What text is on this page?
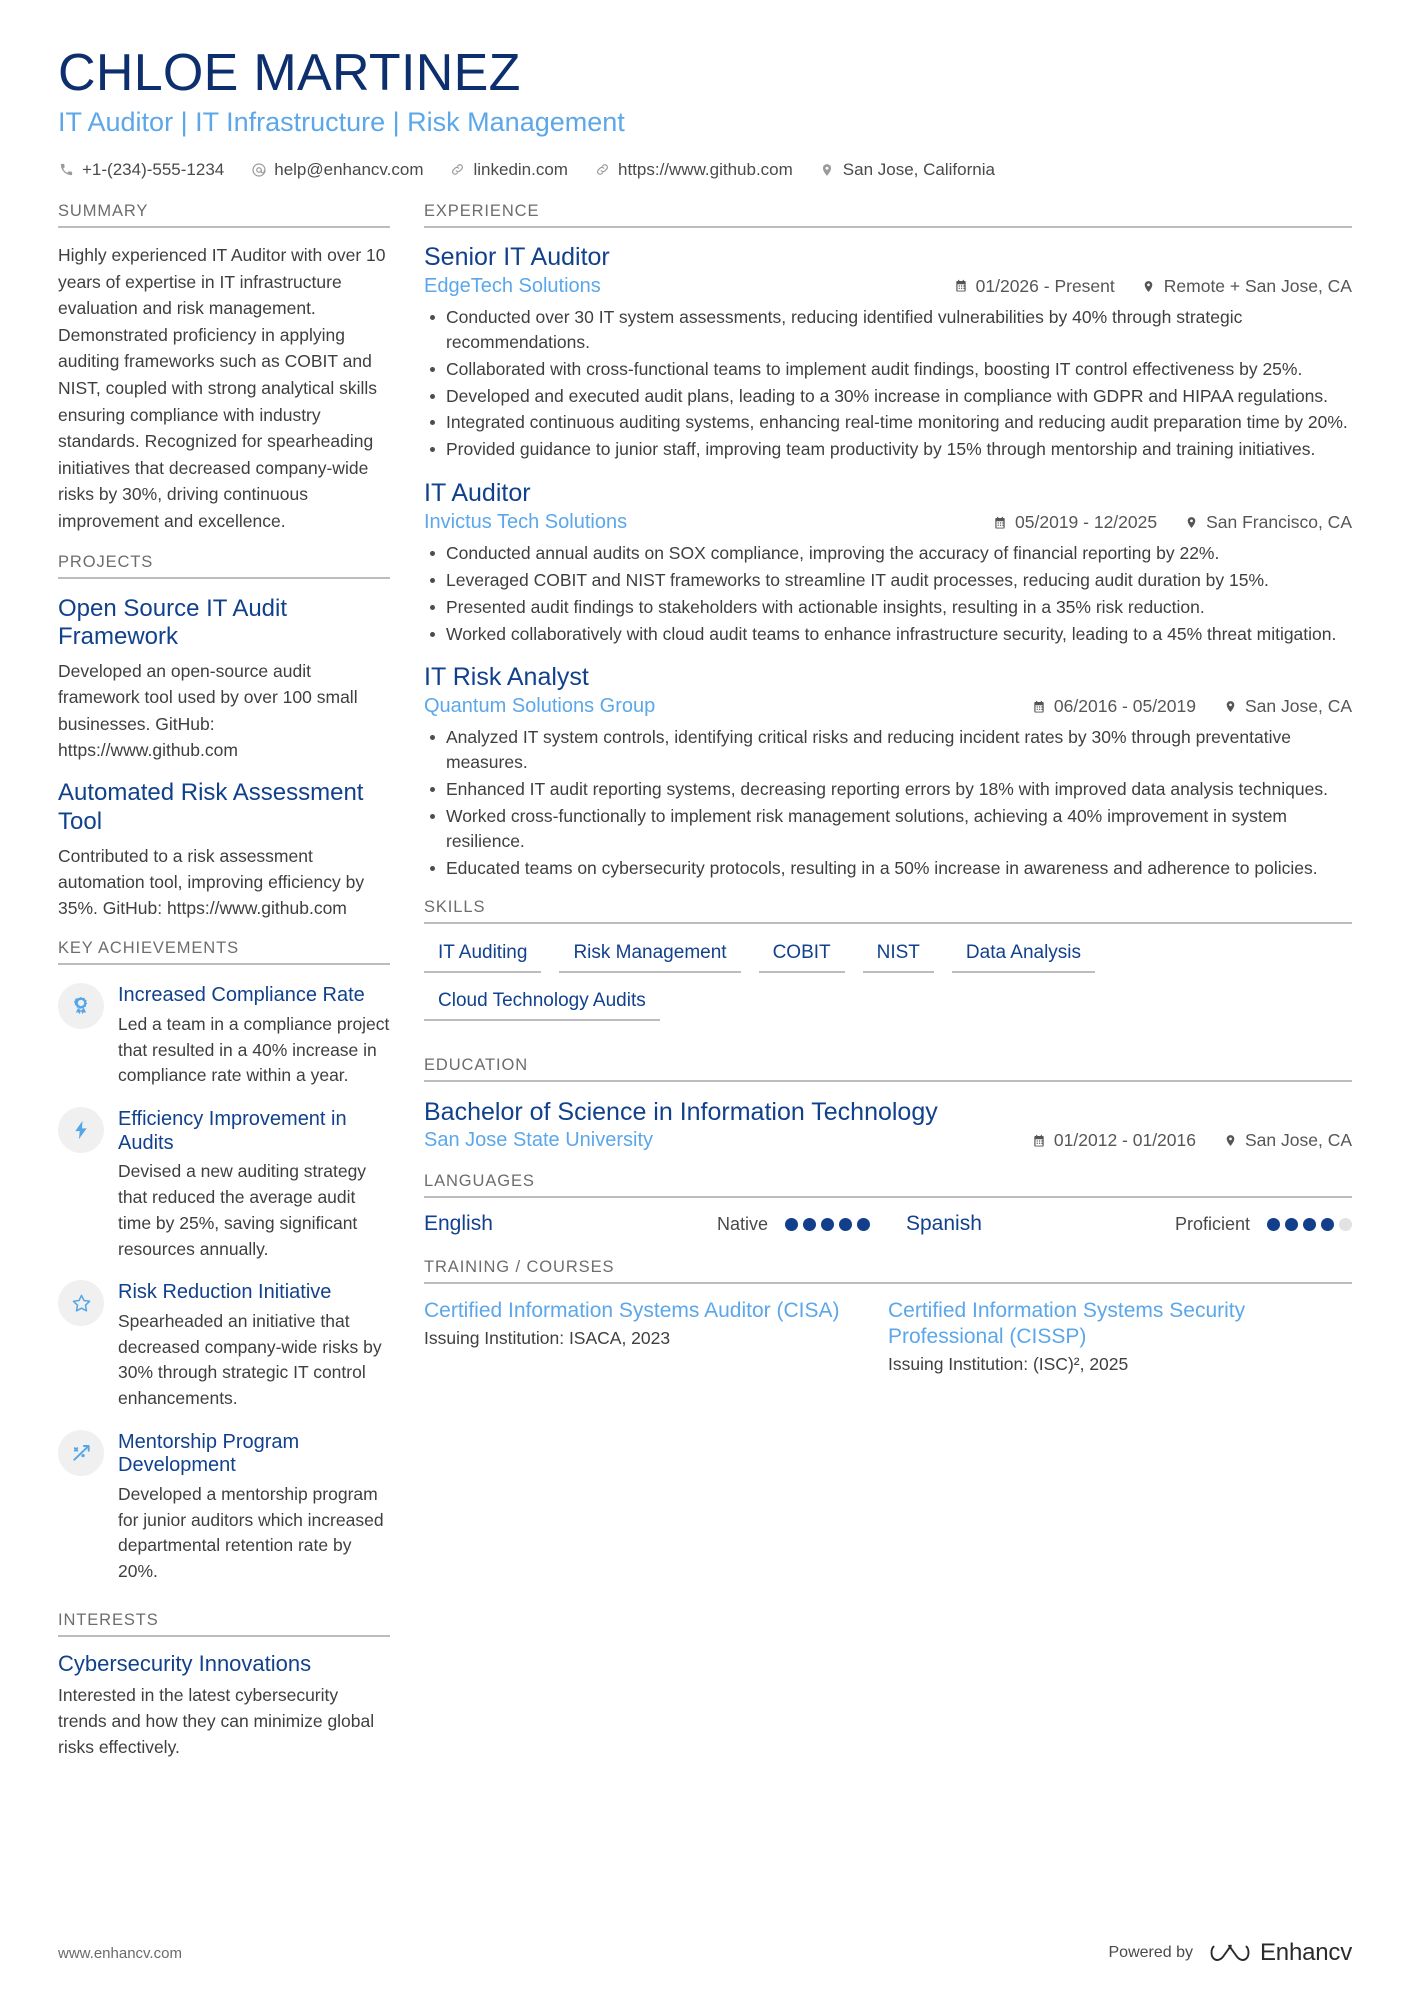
CHLOE MARTINEZ
IT Auditor | IT Infrastructure | Risk Management
+1-(234)-555-1234	help@enhancv.com	linkedin.com	https://www.github.com	San Jose, California
SUMMARY
Highly experienced IT Auditor with over 10 years of expertise in IT infrastructure evaluation and risk management. Demonstrated proficiency in applying auditing frameworks such as COBIT and NIST, coupled with strong analytical skills ensuring compliance with industry standards. Recognized for spearheading initiatives that decreased company-wide risks by 30%, driving continuous improvement and excellence.
PROJECTS
Open Source IT Audit Framework
Developed an open-source audit framework tool used by over 100 small businesses. GitHub: https://www.github.com
Automated Risk Assessment Tool
Contributed to a risk assessment automation tool, improving efficiency by 35%. GitHub: https://www.github.com
KEY ACHIEVEMENTS
Increased Compliance Rate
Led a team in a compliance project that resulted in a 40% increase in compliance rate within a year.
Efficiency Improvement in Audits
Devised a new auditing strategy that reduced the average audit time by 25%, saving significant resources annually.
Risk Reduction Initiative
Spearheaded an initiative that decreased company-wide risks by 30% through strategic IT control enhancements.
Mentorship Program Development
Developed a mentorship program for junior auditors which increased departmental retention rate by 20%.
INTERESTS
Cybersecurity Innovations
Interested in the latest cybersecurity trends and how they can minimize global risks effectively.
EXPERIENCE
Senior IT Auditor
EdgeTech Solutions	01/2026 - Present	Remote + San Jose, CA
Conducted over 30 IT system assessments, reducing identified vulnerabilities by 40% through strategic recommendations.
Collaborated with cross-functional teams to implement audit findings, boosting IT control effectiveness by 25%.
Developed and executed audit plans, leading to a 30% increase in compliance with GDPR and HIPAA regulations.
Integrated continuous auditing systems, enhancing real-time monitoring and reducing audit preparation time by 20%.
Provided guidance to junior staff, improving team productivity by 15% through mentorship and training initiatives.
IT Auditor
Invictus Tech Solutions	05/2019 - 12/2025	San Francisco, CA
Conducted annual audits on SOX compliance, improving the accuracy of financial reporting by 22%.
Leveraged COBIT and NIST frameworks to streamline IT audit processes, reducing audit duration by 15%.
Presented audit findings to stakeholders with actionable insights, resulting in a 35% risk reduction.
Worked collaboratively with cloud audit teams to enhance infrastructure security, leading to a 45% threat mitigation.
IT Risk Analyst
Quantum Solutions Group	06/2016 - 05/2019	San Jose, CA
Analyzed IT system controls, identifying critical risks and reducing incident rates by 30% through preventative measures.
Enhanced IT audit reporting systems, decreasing reporting errors by 18% with improved data analysis techniques.
Worked cross-functionally to implement risk management solutions, achieving a 40% improvement in system resilience.
Educated teams on cybersecurity protocols, resulting in a 50% increase in awareness and adherence to policies.
SKILLS
IT Auditing	Risk Management	COBIT	NIST	Data Analysis
Cloud Technology Audits
EDUCATION
Bachelor of Science in Information Technology
San Jose State University	01/2012 - 01/2016	San Jose, CA
LANGUAGES
English	Native	Spanish	Proficient
TRAINING / COURSES
Certified Information Systems Auditor (CISA)
Issuing Institution: ISACA, 2023
Certified Information Systems Security Professional (CISSP)
Issuing Institution: (ISC)², 2025
www.enhancv.com	Powered by	Enhancv
